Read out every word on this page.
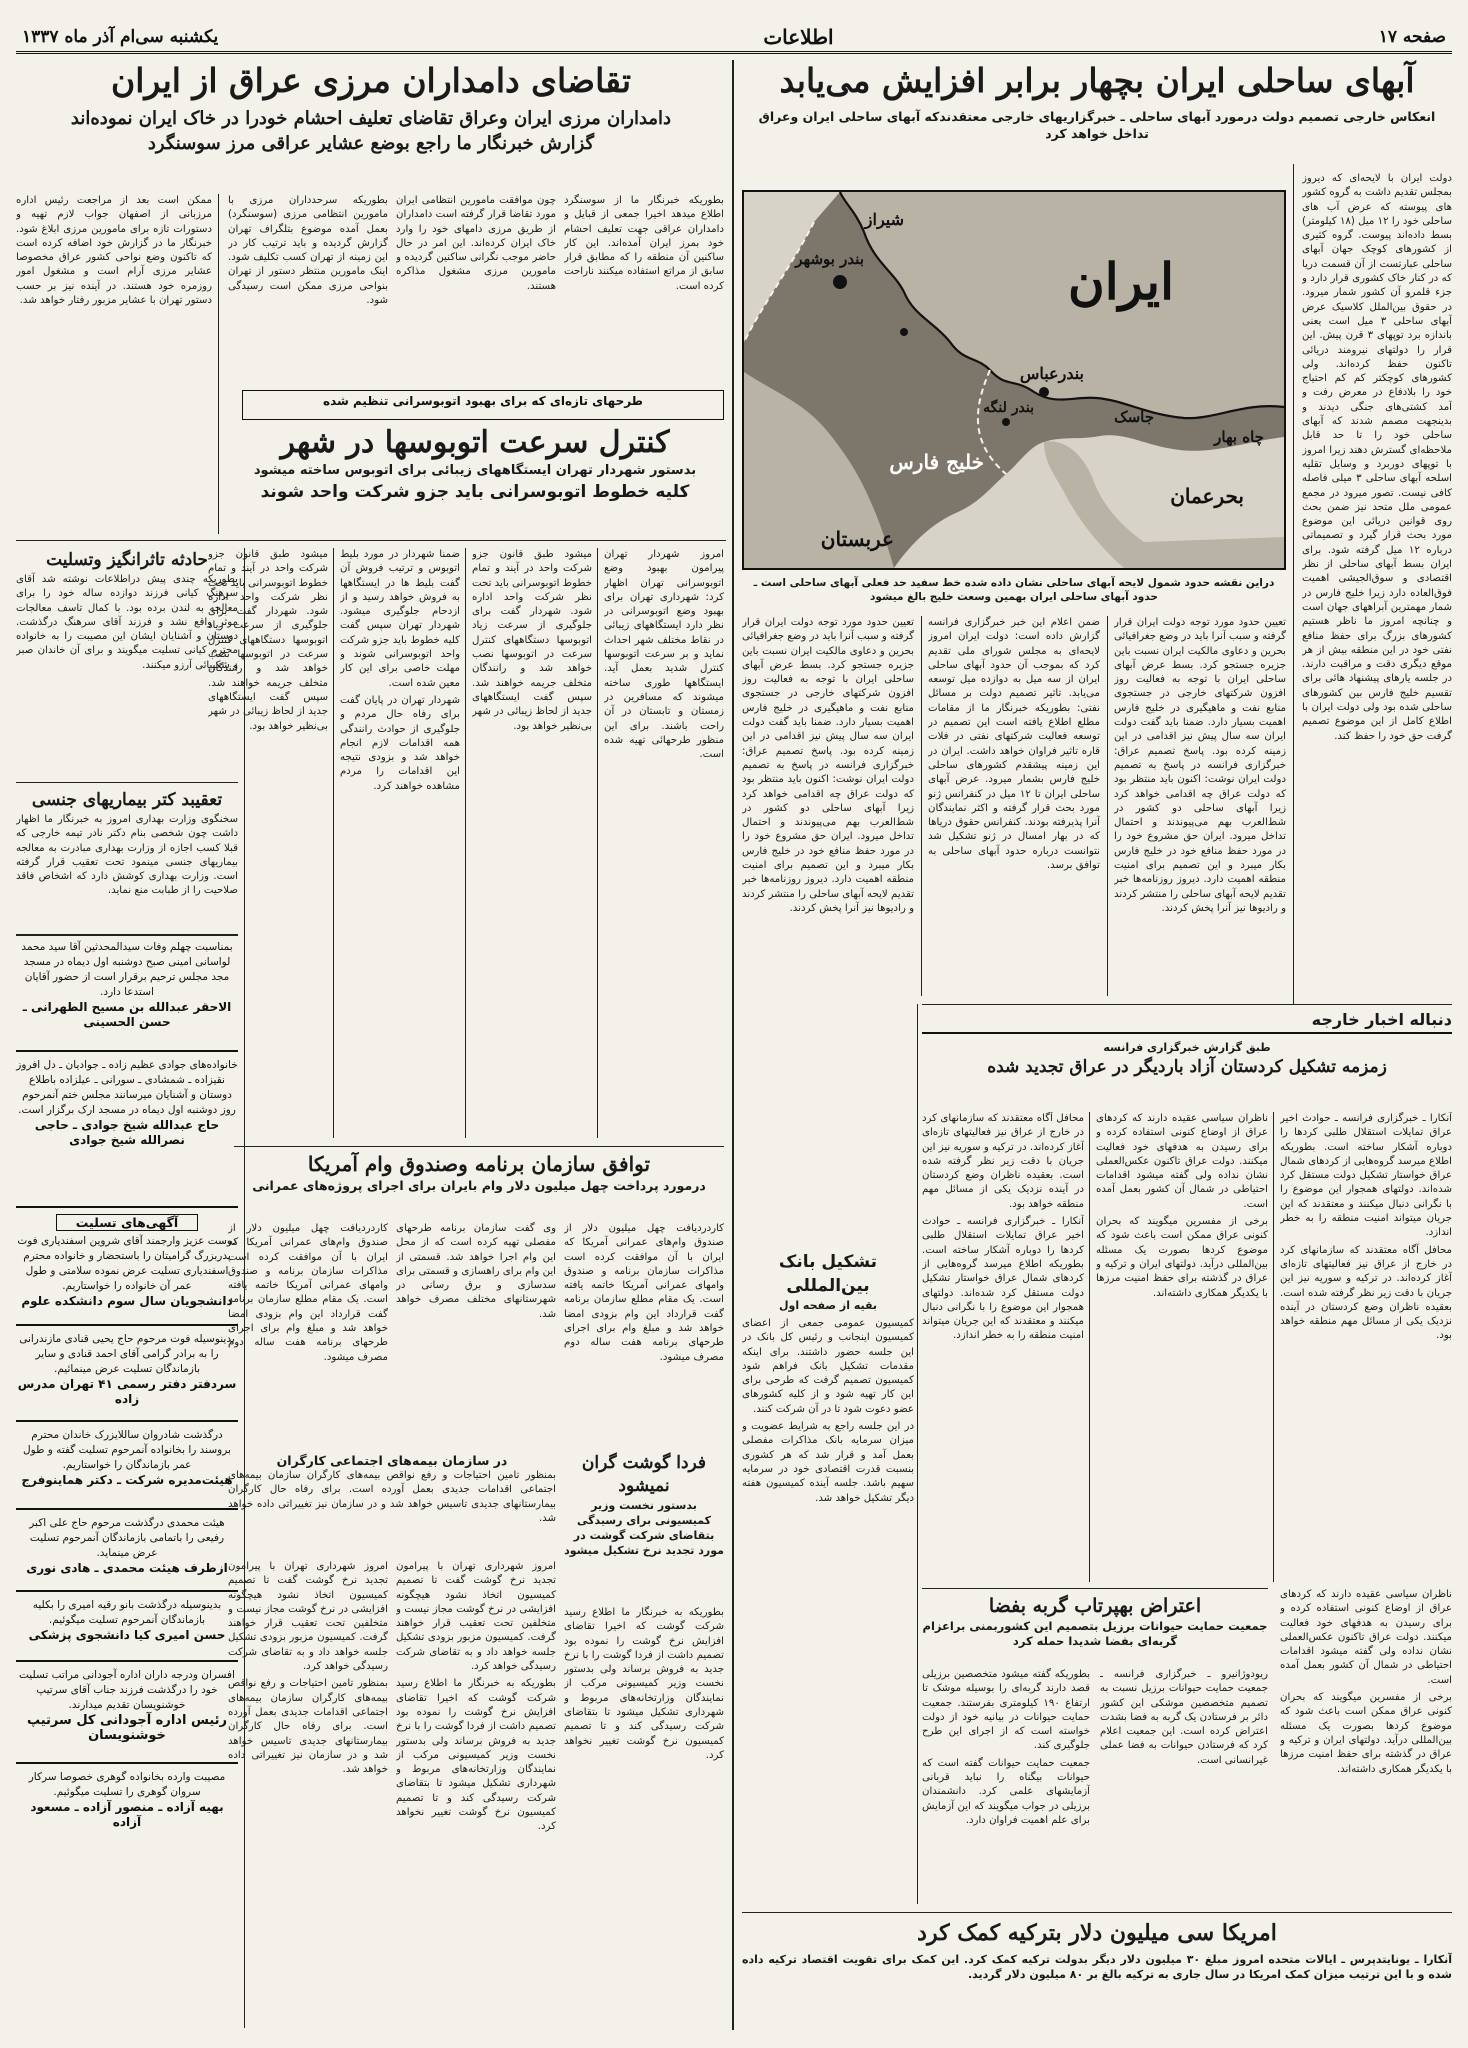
صفحه ۱۷
اطلاعات
یکشنبه سی‌ام آذر ماه ۱۳۳۷
آبهای ساحلی ایران بچهار برابر افزایش می‌یابد
انعکاس خارجی تصمیم دولت درمورد آبهای ساحلی ـ خبرگزاریهای خارجی معتقدندکه آبهای ساحلی ایران وعراق تداخل خواهد کرد

دولت ایران با لایحه‌ای که دیروز بمجلس تقدیم داشت به گروه کشور های پیوسته که عرض آب های ساحلی خود را ۱۲ میل (۱۸ کیلومتر) بسط داده‌اند پیوست. گروه کثیری از کشورهای کوچک جهان آبهای ساحلی عبارتست از آن قسمت دریا که در کنار خاک کشوری قرار دارد و جزء قلمرو آن کشور شمار میرود. در حقوق بین‌الملل کلاسیک عرض آبهای ساحلی ۳ میل است یعنی باندازه برد توپهای ۳ قرن پیش. این قرار را دولتهای نیرومند دریائی تاکنون حفظ کرده‌اند. ولی کشورهای کوچکتر کم کم احتیاج خود را بلادفاع در معرض رفت و آمد کشتی‌های جنگی دیدند و بدینجهت مصمم شدند که آبهای ساحلی خود را تا حد قابل ملاحظه‌ای گسترش دهند زیرا امروز با توپهای دوربرد و وسایل تقلیه اسلحه آبهای ساحلی ۳ میلی فاصله کافی نیست. تصور میرود در مجمع عمومی ملل متحد نیز ضمن بحث روی قوانین دریائی این موضوع مورد بحث قرار گیرد و تصمیماتی درباره ۱۲ میل گرفته شود. برای ایران بسط آبهای ساحلی از نظر اقتصادی و سوق‌الجیشی اهمیت فوق‌العاده دارد زیرا خلیج فارس در شمار مهمترین آبراههای جهان است و چنانچه امروز ما ناظر هستیم کشورهای بزرگ برای حفظ منافع نفتی خود در این منطقه بیش از هر موقع دیگری دقت و مراقبت دارند. در جلسه یارهای پیشنهاد هائی برای تقسیم خلیج فارس بین کشورهای ساحلی شده بود ولی دولت ایران با اطلاع کامل از این موضوع تصمیم گرفت حق خود را حفظ کند.

ایران
شیراز
بندر بوشهر
بندرعباس
بندر لنگه	جاسک
چاه بهار
خلیج فارس
بحرعمان
عربستان
دراین نقشه حدود شمول لایحه آبهای ساحلی نشان داده شده خط سفید حد فعلی آبهای ساحلی است ـ حدود آبهای ساحلی ایران بهمین وسعت خلیج بالغ میشود

تعیین حدود مورد توجه دولت ایران قرار گرفته و سبب آنرا باید در وضع جغرافیائی بحرین و دعاوی مالکیت ایران نسبت باین جزیره جستجو کرد. بسط عرض آبهای ساحلی ایران با توجه به فعالیت روز افزون شرکتهای خارجی در جستجوی منابع نفت و ماهیگیری در خلیج فارس اهمیت بسیار دارد. ضمنا باید گفت دولت ایران سه سال پیش نیز اقدامی در این زمینه کرده بود. پاسخ تصمیم عراق: خبرگزاری فرانسه در پاسخ به تصمیم دولت ایران نوشت: اکنون باید منتظر بود که دولت عراق چه اقدامی خواهد کرد زیرا آبهای ساحلی دو کشور در شط‌العرب بهم می‌پیوندند و احتمال تداخل میرود. ایران حق مشروع خود را در مورد حفظ منافع خود در خلیج فارس بکار میبرد و این تصمیم برای امنیت منطقه اهمیت دارد. دیروز روزنامه‌ها خبر تقدیم لایحه آبهای ساحلی را منتشر کردند و رادیوها نیز آنرا پخش کردند.

ضمن اعلام این خبر خبرگزاری فرانسه گزارش داده است: دولت ایران امروز لایحه‌ای به مجلس شورای ملی تقدیم کرد که بموجب آن حدود آبهای ساحلی ایران از سه میل به دوازده میل توسعه می‌یابد. تاثیر تصمیم دولت بر مسائل نفتی: بطوریکه خبرنگار ما از مقامات مطلع اطلاع یافته است این تصمیم در توسعه فعالیت شرکتهای نفتی در فلات قاره تاثیر فراوان خواهد داشت. ایران در این زمینه پیشقدم کشورهای ساحلی خلیج فارس بشمار میرود. عرض آبهای ساحلی ایران تا ۱۲ میل در کنفرانس ژنو مورد بحث قرار گرفته و اکثر نمایندگان آنرا پذیرفته بودند. کنفرانس حقوق دریاها که در بهار امسال در ژنو تشکیل شد نتوانست درباره حدود آبهای ساحلی به توافق برسد.

تعیین حدود مورد توجه دولت ایران قرار گرفته و سبب آنرا باید در وضع جغرافیائی بحرین و دعاوی مالکیت ایران نسبت باین جزیره جستجو کرد. بسط عرض آبهای ساحلی ایران با توجه به فعالیت روز افزون شرکتهای خارجی در جستجوی منابع نفت و ماهیگیری در خلیج فارس اهمیت بسیار دارد. ضمنا باید گفت دولت ایران سه سال پیش نیز اقدامی در این زمینه کرده بود. پاسخ تصمیم عراق: خبرگزاری فرانسه در پاسخ به تصمیم دولت ایران نوشت: اکنون باید منتظر بود که دولت عراق چه اقدامی خواهد کرد زیرا آبهای ساحلی دو کشور در شط‌العرب بهم می‌پیوندند و احتمال تداخل میرود. ایران حق مشروع خود را در مورد حفظ منافع خود در خلیج فارس بکار میبرد و این تصمیم برای امنیت منطقه اهمیت دارد. دیروز روزنامه‌ها خبر تقدیم لایحه آبهای ساحلی را منتشر کردند و رادیوها نیز آنرا پخش کردند.

تشکیل بانک بین‌المللی
بقیه از صفحه اول

کمیسیون عمومی جمعی از اعضای کمیسیون اینجانب و رئیس کل بانک در این جلسه حضور داشتند. برای اینکه مقدمات تشکیل بانک فراهم شود کمیسیون تصمیم گرفت که طرحی برای این کار تهیه شود و از کلیه کشورهای عضو دعوت شود تا در آن شرکت کنند.

در این جلسه راجع به شرایط عضویت و میزان سرمایه بانک مذاکرات مفصلی بعمل آمد و قرار شد که هر کشوری بنسبت قدرت اقتصادی خود در سرمایه سهیم باشد. جلسه آینده کمیسیون هفته دیگر تشکیل خواهد شد.

دنباله اخبار خارجه
طبق گزارش خبرگزاری فرانسه
زمزمه تشکیل کردستان آزاد باردیگر در عراق تجدید شده

آنکارا ـ خبرگزاری فرانسه ـ حوادث اخیر عراق تمایلات استقلال طلبی کردها را دوباره آشکار ساخته است. بطوریکه اطلاع میرسد گروه‌هایی از کردهای شمال عراق خواستار تشکیل دولت مستقل کرد شده‌اند. دولتهای همجوار این موضوع را با نگرانی دنبال میکنند و معتقدند که این جریان میتواند امنیت منطقه را به خطر اندازد.

محافل آگاه معتقدند که سازمانهای کرد در خارج از عراق نیز فعالیتهای تازه‌ای آغاز کرده‌اند. در ترکیه و سوریه نیز این جریان با دقت زیر نظر گرفته شده است. بعقیده ناظران وضع کردستان در آینده نزدیک یکی از مسائل مهم منطقه خواهد بود.

ناظران سیاسی عقیده دارند که کردهای عراق از اوضاع کنونی استفاده کرده و برای رسیدن به هدفهای خود فعالیت میکنند. دولت عراق تاکنون عکس‌العملی نشان نداده ولی گفته میشود اقدامات احتیاطی در شمال آن کشور بعمل آمده است.

برخی از مفسرین میگویند که بحران کنونی عراق ممکن است باعث شود که موضوع کردها بصورت یک مسئله بین‌المللی درآید. دولتهای ایران و ترکیه و عراق در گذشته برای حفظ امنیت مرزها با یکدیگر همکاری داشته‌اند.

محافل آگاه معتقدند که سازمانهای کرد در خارج از عراق نیز فعالیتهای تازه‌ای آغاز کرده‌اند. در ترکیه و سوریه نیز این جریان با دقت زیر نظر گرفته شده است. بعقیده ناظران وضع کردستان در آینده نزدیک یکی از مسائل مهم منطقه خواهد بود.

آنکارا ـ خبرگزاری فرانسه ـ حوادث اخیر عراق تمایلات استقلال طلبی کردها را دوباره آشکار ساخته است. بطوریکه اطلاع میرسد گروه‌هایی از کردهای شمال عراق خواستار تشکیل دولت مستقل کرد شده‌اند. دولتهای همجوار این موضوع را با نگرانی دنبال میکنند و معتقدند که این جریان میتواند امنیت منطقه را به خطر اندازد.

اعتراض بهپرتاب گربه بفضا
جمعیت حمایت حیوانات برزیل بتصمیم این کشوربمنی براعزام گربه‌ای بفضا شدیدا حمله کرد

ریودوژانیرو ـ خبرگزاری فرانسه ـ جمعیت حمایت حیوانات برزیل نسبت به تصمیم متخصصین موشکی این کشور دائر بر فرستادن یک گربه به فضا بشدت اعتراض کرده است. این جمعیت اعلام کرد که فرستادن حیوانات به فضا عملی غیرانسانی است.

بطوریکه گفته میشود متخصصین برزیلی قصد دارند گربه‌ای را بوسیله موشک تا ارتفاع ۱۹۰ کیلومتری بفرستند. جمعیت حمایت حیوانات در بیانیه خود از دولت خواسته است که از اجرای این طرح جلوگیری کند.

جمعیت حمایت حیوانات گفته است که حیوانات بیگناه را نباید قربانی آزمایشهای علمی کرد. دانشمندان برزیلی در جواب میگویند که این آزمایش برای علم اهمیت فراوان دارد.

ناظران سیاسی عقیده دارند که کردهای عراق از اوضاع کنونی استفاده کرده و برای رسیدن به هدفهای خود فعالیت میکنند. دولت عراق تاکنون عکس‌العملی نشان نداده ولی گفته میشود اقدامات احتیاطی در شمال آن کشور بعمل آمده است.

برخی از مفسرین میگویند که بحران کنونی عراق ممکن است باعث شود که موضوع کردها بصورت یک مسئله بین‌المللی درآید. دولتهای ایران و ترکیه و عراق در گذشته برای حفظ امنیت مرزها با یکدیگر همکاری داشته‌اند.

امریکا سی میلیون دلار بترکیه کمک کرد

آنکارا ـ یونایتدپرس ـ ایالات متحده امروز مبلغ ۳۰ میلیون دلار دیگر بدولت ترکیه کمک کرد. این کمک برای تقویت اقتصاد ترکیه داده شده و با این ترتیب میزان کمک امریکا در سال جاری به ترکیه بالغ بر ۸۰ میلیون دلار گردید.

تقاضای دامداران مرزی عراق از ایران
دامداران مرزی ایران وعراق تقاضای تعلیف احشام خودرا در خاک ایران نموده‌اند
گزارش خبرنگار ما راجع بوضع عشایر عراقی مرز سوسنگرد

بطوریکه خبرنگار ما از سوسنگرد اطلاع میدهد اخیرا جمعی از قبایل و دامداران عراقی جهت تعلیف احشام خود بمرز ایران آمده‌اند. این کار ساکنین آن منطقه را که مطابق قرار سابق از مراتع استفاده میکنند ناراحت کرده است.

چون موافقت مامورین انتظامی ایران مورد تقاضا قرار گرفته است دامداران از طریق مرزی دامهای خود را وارد خاک ایران کرده‌اند. این امر در حال حاضر موجب نگرانی ساکنین گردیده و مامورین مرزی مشغول مذاکره هستند.

بطوریکه سرحدداران مرزی با مامورین انتظامی مرزی (سوسنگرد) بعمل آمده موضوع بتلگراف تهران گزارش گردیده و باید ترتیب کار در این زمینه از تهران کسب تکلیف شود. اینک مامورین منتظر دستور از تهران بنواحی مرزی ممکن است رسیدگی شود.

ممکن است بعد از مراجعت رئیس اداره مرزبانی از اصفهان جواب لازم تهیه و دستورات تازه برای مامورین مرزی ابلاغ شود. خبرنگار ما در گزارش خود اضافه کرده است که تاکنون وضع نواحی کشور عراق مخصوصا عشایر مرزی آرام است و مشغول امور روزمره خود هستند. در آینده نیز بر حسب دستور تهران با عشایر مزبور رفتار خواهد شد.

طرحهای تازه‌ای که برای بهبود اتوبوسرانی تنظیم شده
کنترل سرعت اتوبوسها در شهر
بدستور شهردار تهران ایستگاههای زیبائی برای اتوبوس ساخته میشود
کلیه خطوط اتوبوسرانی باید جزو شرکت واحد شوند

امروز شهردار تهران پیرامون بهبود وضع اتوبوسرانی تهران اظهار کرد: شهرداری تهران برای بهبود وضع اتوبوسرانی در نظر دارد ایستگاههای زیبائی در نقاط مختلف شهر احداث نماید و بر سرعت اتوبوسها کنترل شدید بعمل آید. ایستگاهها طوری ساخته میشوند که مسافرین در زمستان و تابستان در آن راحت باشند. برای این منظور طرحهائی تهیه شده است.

میشود طبق قانون جزو شرکت واحد در آیند و تمام خطوط اتوبوسرانی باید تحت نظر شرکت واحد اداره شود. شهردار گفت برای جلوگیری از سرعت زیاد اتوبوسها دستگاههای کنترل سرعت در اتوبوسها نصب خواهد شد و رانندگان متخلف جریمه خواهند شد. سپس گفت ایستگاههای جدید از لحاظ زیبائی در شهر بی‌نظیر خواهد بود.

ضمنا شهردار در مورد بلیط اتوبوس و ترتیب فروش آن گفت بلیط ها در ایستگاهها به فروش خواهد رسید و از ازدحام جلوگیری میشود. شهردار تهران سپس گفت کلیه خطوط باید جزو شرکت واحد اتوبوسرانی شوند و مهلت خاصی برای این کار معین شده است.

شهردار تهران در پایان گفت برای رفاه حال مردم و جلوگیری از حوادث رانندگی همه اقدامات لازم انجام خواهد شد و بزودی نتیجه این اقدامات را مردم مشاهده خواهند کرد.

میشود طبق قانون جزو شرکت واحد در آیند و تمام خطوط اتوبوسرانی باید تحت نظر شرکت واحد اداره شود. شهردار گفت برای جلوگیری از سرعت زیاد اتوبوسها دستگاههای کنترل سرعت در اتوبوسها نصب خواهد شد و رانندگان متخلف جریمه خواهند شد. سپس گفت ایستگاههای جدید از لحاظ زیبائی در شهر بی‌نظیر خواهد بود.

حادثه تاثرانگیز وتسلیت

بطوریکه چندی پیش دراطلاعات نوشته شد آقای سرهنگ کیانی فرزند دوازده ساله خود را برای معالجه به لندن برده بود. با کمال تاسف معالجات موثر واقع نشد و فرزند آقای سرهنگ درگذشت. دوستان و آشنایان ایشان این مصیبت را به خانواده محترم کیانی تسلیت میگویند و برای آن خاندان صبر و شکیبائی آرزو میکنند.

تعقیبد کتر بیماریهای جنسی

سخنگوی وزارت بهداری امروز به خبرنگار ما اظهار داشت چون شخصی بنام دکتر نادر تیمه خارجی که قبلا کسب اجازه از وزارت بهداری مبادرت به معالجه بیماریهای جنسی مینمود تحت تعقیب قرار گرفته است. وزارت بهداری کوشش دارد که اشخاص فاقد صلاحیت را از طبابت منع نماید.

بمناسبت چهلم وفات سیدالمحدثین آقا سید محمد لواسانی امینی صبح دوشنبه اول دیماه در مسجد مجد مجلس ترحیم برقرار است از حضور آقایان استدعا دارد.
الاحقر عبدالله بن مسیح الطهرانی ـ حسن الحسینی
خانواده‌های جوادی عظیم زاده ـ جوادیان ـ دل افروز نقیزاده ـ شمشادی ـ سورانی ـ عیلزاده باطلاع دوستان و آشنایان میرسانند مجلس ختم آنمرحوم روز دوشنبه اول دیماه در مسجد ارک برگزار است.
حاج عبدالله شیخ جوادی ـ حاجی نصرالله شیخ جوادی
آگهی‌های تسلیت
دوست عزیز وارجمند آقای شروین اسفندیاری فوت پدربزرگ گرامیتان را باستحضار و خانواده محترم اسفندیاری تسلیت عرض نموده سلامتی و طول عمر آن خانواده را خواستاریم.
دانشجویان سال سوم دانشکده علوم
بدینوسیله فوت مرحوم حاج یحیی قنادی مازندرانی را به برادر گرامی آقای احمد قنادی و سایر بازماندگان تسلیت عرض مینمائیم.
سردفتر دفتر رسمی ۴۱ تهران مدرس زاده
درگذشت شادروان ساللایزرک خاندان محترم بروسند را بخانواده آنمرحوم تسلیت گفته و طول عمر بازماندگان را خواستاریم.
هیئت‌مدیره شرکت ـ دکتر هماینوفرج
هیئت محمدی درگذشت مرحوم حاج علی اکبر رفیعی را باتمامی بازماندگان آنمرحوم تسلیت عرض مینماید.
ازطرف هیئت محمدی ـ هادی نوری
بدینوسیله درگذشت بانو رقیه امیری را بکلیه بازماندگان آنمرحوم تسلیت میگوئیم.
حسن امیری کیا دانشجوی پزشکی
افسران ودرجه داران اداره آجودانی مراتب تسلیت خود را درگذشت فرزند جناب آقای سرتیپ خوشنویسان تقدیم میدارند.
رئیس اداره آجودانی کل سرتیپ خوشنویسان
مصیبت وارده بخانواده گوهری خصوصا سرکار سروان گوهری را تسلیت میگوئیم.
بهیه آزاده ـ منصور آزاده ـ مسعود آزاده
توافق سازمان برنامه وصندوق وام آمریکا
درمورد پرداخت چهل میلیون دلار وام بایران برای اجرای پروژه‌های عمرانی

کاردردیافت چهل میلیون دلار از صندوق وام‌های عمرانی آمریکا که ایران با آن موافقت کرده است مذاکرات سازمان برنامه و صندوق وامهای عمرانی آمریکا خاتمه یافته است. یک مقام مطلع سازمان برنامه گفت قرارداد این وام بزودی امضا خواهد شد و مبلغ وام برای اجرای طرحهای برنامه هفت ساله دوم مصرف میشود.

وی گفت سازمان برنامه طرحهای مفصلی تهیه کرده است که از محل این وام اجرا خواهد شد. قسمتی از این وام برای راهسازی و قسمتی برای سدسازی و برق رسانی در شهرستانهای مختلف مصرف خواهد شد.

کاردردیافت چهل میلیون دلار از صندوق وام‌های عمرانی آمریکا که ایران با آن موافقت کرده است مذاکرات سازمان برنامه و صندوق وامهای عمرانی آمریکا خاتمه یافته است. یک مقام مطلع سازمان برنامه گفت قرارداد این وام بزودی امضا خواهد شد و مبلغ وام برای اجرای طرحهای برنامه هفت ساله دوم مصرف میشود.

در سازمان بیمه‌های اجتماعی کارگران

بمنظور تامین احتیاجات و رفع نواقص بیمه‌های کارگران سازمان بیمه‌های اجتماعی اقدامات جدیدی بعمل آورده است. برای رفاه حال کارگران بیمارستانهای جدیدی تاسیس خواهد شد و در سازمان نیز تغییراتی داده خواهد شد.

فردا گوشت گران نمیشود
بدستور نخست وزیر کمیسیونی برای رسیدگی بتقاضای شرکت گوشت در مورد تجدید نرخ تشکیل میشود

بطوریکه به خبرنگار ما اطلاع رسید شرکت گوشت که اخیرا تقاضای افزایش نرخ گوشت را نموده بود تصمیم داشت از فردا گوشت را با نرخ جدید به فروش برساند ولی بدستور نخست وزیر کمیسیونی مرکب از نمایندگان وزارتخانه‌های مربوط و شهرداری تشکیل میشود تا بتقاضای شرکت رسیدگی کند و تا تصمیم کمیسیون نرخ گوشت تغییر نخواهد کرد.

امروز شهرداری تهران با پیرامون تجدید نرخ گوشت گفت تا تصمیم کمیسیون اتخاذ نشود هیچگونه افزایشی در نرخ گوشت مجاز نیست و متخلفین تحت تعقیب قرار خواهند گرفت. کمیسیون مزبور بزودی تشکیل جلسه خواهد داد و به تقاضای شرکت رسیدگی خواهد کرد.

بطوریکه به خبرنگار ما اطلاع رسید شرکت گوشت که اخیرا تقاضای افزایش نرخ گوشت را نموده بود تصمیم داشت از فردا گوشت را با نرخ جدید به فروش برساند ولی بدستور نخست وزیر کمیسیونی مرکب از نمایندگان وزارتخانه‌های مربوط و شهرداری تشکیل میشود تا بتقاضای شرکت رسیدگی کند و تا تصمیم کمیسیون نرخ گوشت تغییر نخواهد کرد.

امروز شهرداری تهران با پیرامون تجدید نرخ گوشت گفت تا تصمیم کمیسیون اتخاذ نشود هیچگونه افزایشی در نرخ گوشت مجاز نیست و متخلفین تحت تعقیب قرار خواهند گرفت. کمیسیون مزبور بزودی تشکیل جلسه خواهد داد و به تقاضای شرکت رسیدگی خواهد کرد.

بمنظور تامین احتیاجات و رفع نواقص بیمه‌های کارگران سازمان بیمه‌های اجتماعی اقدامات جدیدی بعمل آورده است. برای رفاه حال کارگران بیمارستانهای جدیدی تاسیس خواهد شد و در سازمان نیز تغییراتی داده خواهد شد.
